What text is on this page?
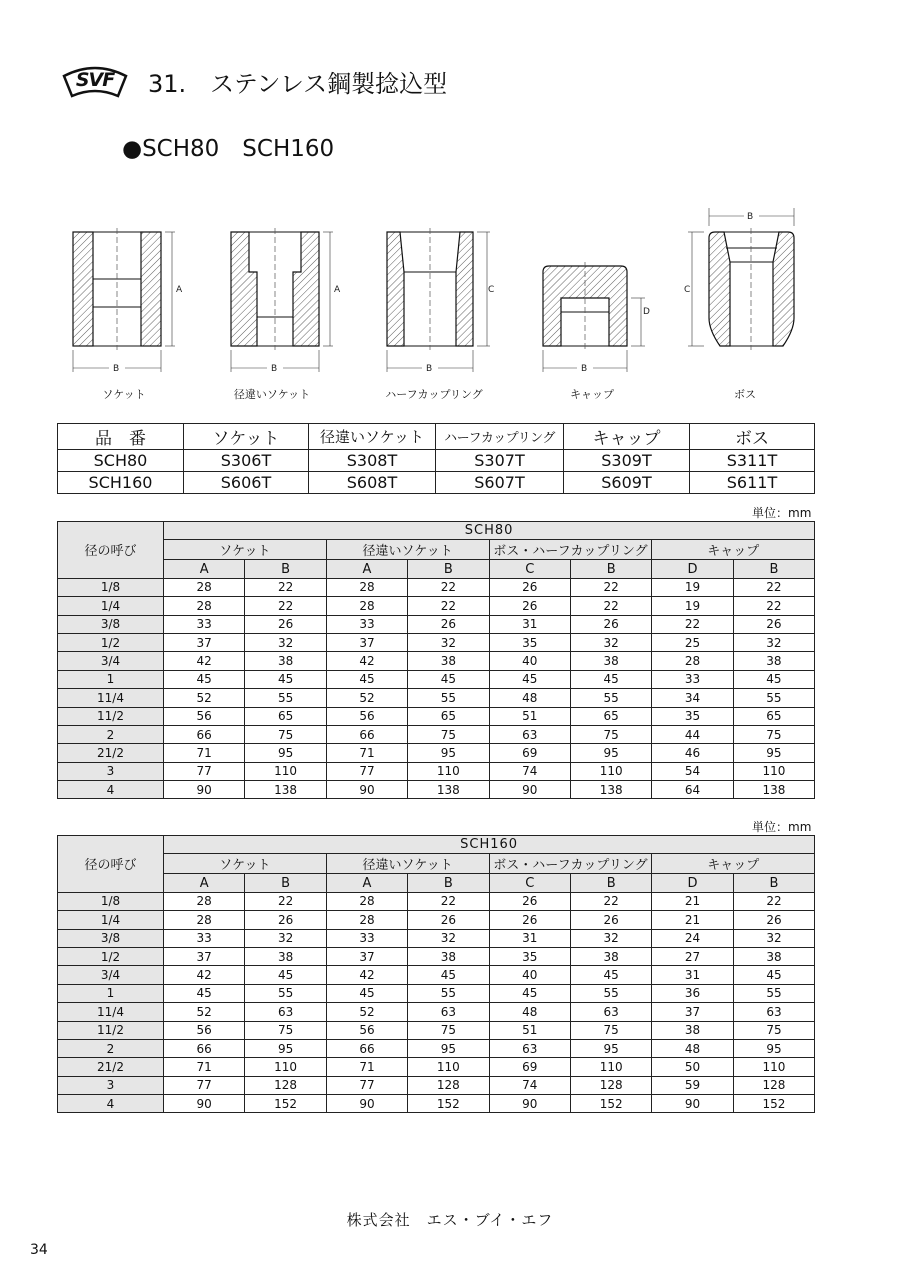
SVF	31.　ステンレス鋼製捻込型
●SCH80　SCH160
A
B
A
B
C
B
D
B
B
C
ソケット	径違いソケット	ハーフカップリング	キャップ	ボス
品　番	ソケット	径違いソケット	ハーフカップリング	キャップ	ボス
SCH80	S306T	S308T	S307T	S309T	S311T
SCH160	S606T	S608T	S607T	S609T	S611T
単位：mm
径の呼び	SCH80							
	ソケット		径違いソケット		ボス・ハーフカップリング		キャップ	
	A	B	A	B	C	B	D	B
1/8	28	22	28	22	26	22	19	22
1/4	28	22	28	22	26	22	19	22
3/8	33	26	33	26	31	26	22	26
1/2	37	32	37	32	35	32	25	32
3/4	42	38	42	38	40	38	28	38
1	45	45	45	45	45	45	33	45
11/4	52	55	52	55	48	55	34	55
11/2	56	65	56	65	51	65	35	65
2	66	75	66	75	63	75	44	75
21/2	71	95	71	95	69	95	46	95
3	77	110	77	110	74	110	54	110
4	90	138	90	138	90	138	64	138
単位：mm
径の呼び	SCH160							
	ソケット		径違いソケット		ボス・ハーフカップリング		キャップ	
	A	B	A	B	C	B	D	B
1/8	28	22	28	22	26	22	21	22
1/4	28	26	28	26	26	26	21	26
3/8	33	32	33	32	31	32	24	32
1/2	37	38	37	38	35	38	27	38
3/4	42	45	42	45	40	45	31	45
1	45	55	45	55	45	55	36	55
11/4	52	63	52	63	48	63	37	63
11/2	56	75	56	75	51	75	38	75
2	66	95	66	95	63	95	48	95
21/2	71	110	71	110	69	110	50	110
3	77	128	77	128	74	128	59	128
4	90	152	90	152	90	152	90	152
株式会社　エス・ブイ・エフ
34
